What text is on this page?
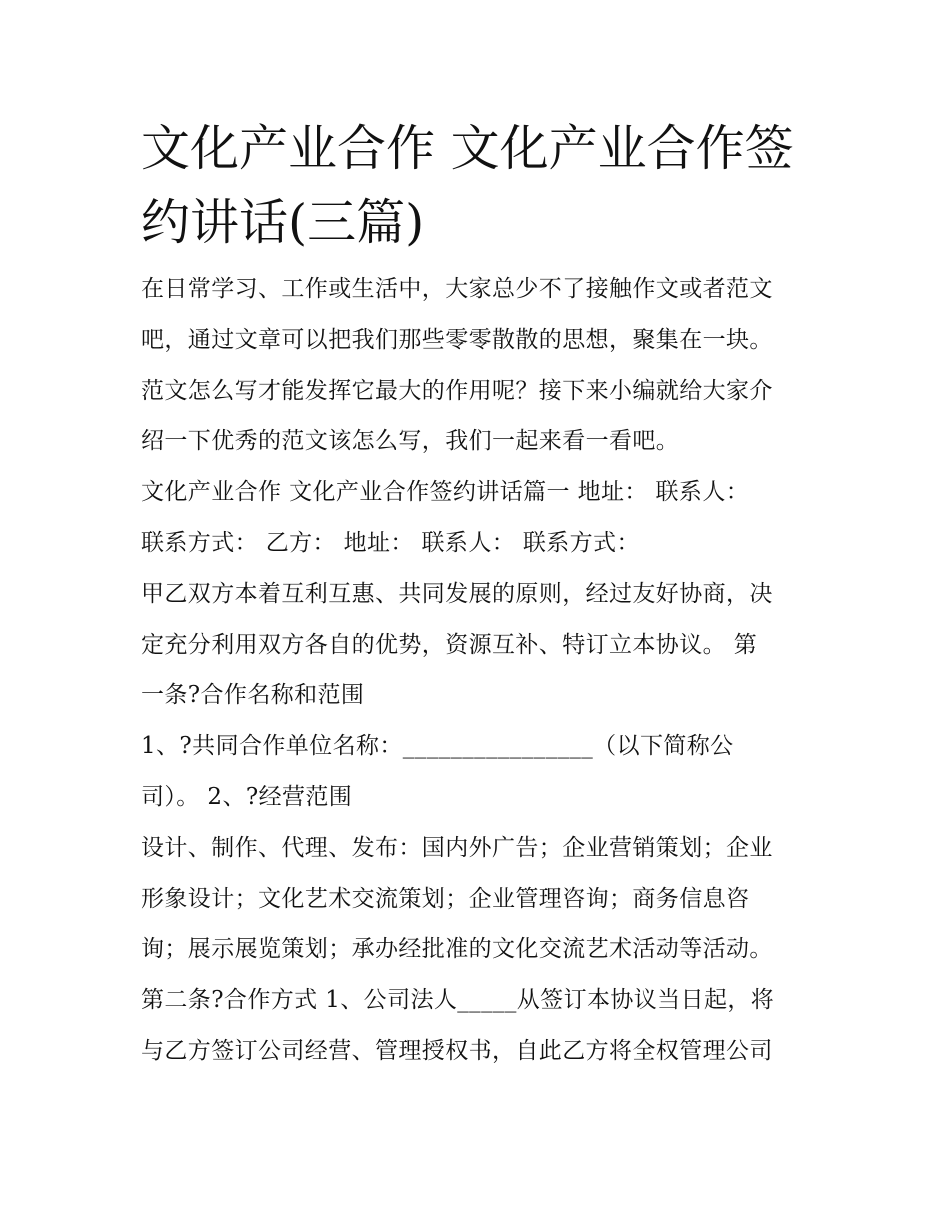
文化产业合作 文化产业合作签
约讲话(三篇)
在日常学习、工作或生活中，大家总少不了接触作文或者范文
吧，通过文章可以把我们那些零零散散的思想，聚集在一块。
范文怎么写才能发挥它最大的作用呢？接下来小编就给大家介
绍一下优秀的范文该怎么写，我们一起来看一看吧。
文化产业合作 文化产业合作签约讲话篇一 地址： 联系人：
联系方式： 乙方： 地址： 联系人： 联系方式：
甲乙双方本着互利互惠、共同发展的原则，经过友好协商，决
定充分利用双方各自的优势，资源互补、特订立本协议。 第
一条?合作名称和范围
1、?共同合作单位名称：________________（以下简称公
司）。 2、?经营范围
设计、制作、代理、发布：国内外广告；企业营销策划；企业
形象设计；文化艺术交流策划；企业管理咨询；商务信息咨
询；展示展览策划；承办经批准的文化交流艺术活动等活动。
第二条?合作方式 1、公司法人_____从签订本协议当日起，将
与乙方签订公司经营、管理授权书，自此乙方将全权管理公司
